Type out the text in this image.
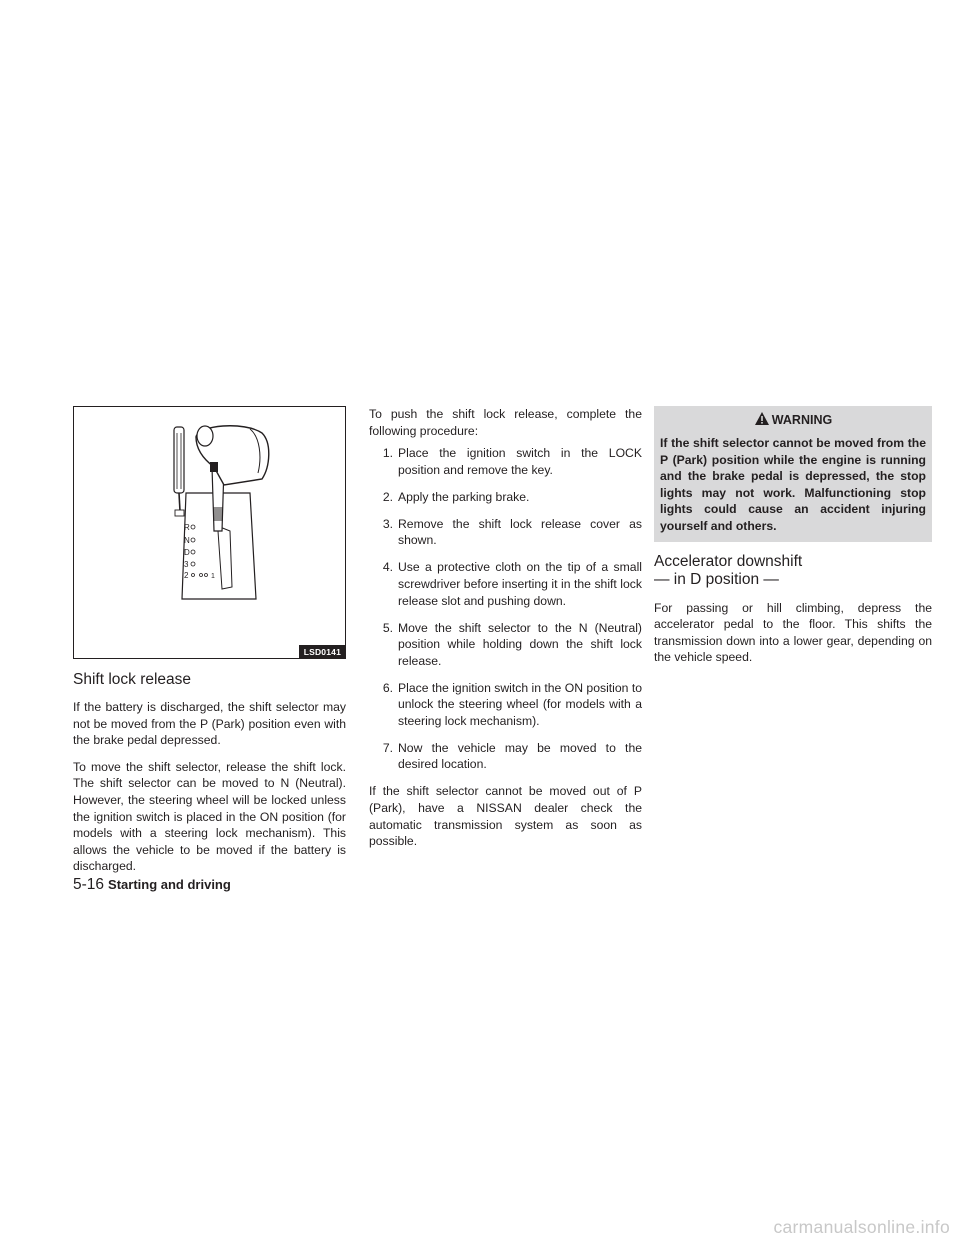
R
N
D
3
2	1
LSD0141
Shift lock release

If the battery is discharged, the shift selector may not be moved from the P (Park) position even with the brake pedal depressed.

To move the shift selector, release the shift lock. The shift selector can be moved to N (Neutral). However, the steering wheel will be locked unless the ignition switch is placed in the ON position (for models with a steering lock mechanism). This allows the vehicle to be moved if the battery is discharged.

To push the shift lock release, complete the following procedure:

1. Place the ignition switch in the LOCK position and remove the key.
2. Apply the parking brake.
3. Remove the shift lock release cover as shown.
4. Use a protective cloth on the tip of a small screwdriver before inserting it in the shift lock release slot and pushing down.
5. Move the shift selector to the N (Neutral) position while holding down the shift lock release.
6. Place the ignition switch in the ON position to unlock the steering wheel (for models with a steering lock mechanism).
7. Now the vehicle may be moved to the desired location.

If the shift selector cannot be moved out of P (Park), have a NISSAN dealer check the automatic transmission system as soon as possible.

WARNING
If the shift selector cannot be moved from the P (Park) position while the engine is running and the brake pedal is depressed, the stop lights may not work. Malfunctioning stop lights could cause an accident injuring yourself and others.
Accelerator downshift
— in D position —

For passing or hill climbing, depress the accelerator pedal to the floor. This shifts the transmission down into a lower gear, depending on the vehicle speed.

5-16 Starting and driving
carmanualsonline.info
